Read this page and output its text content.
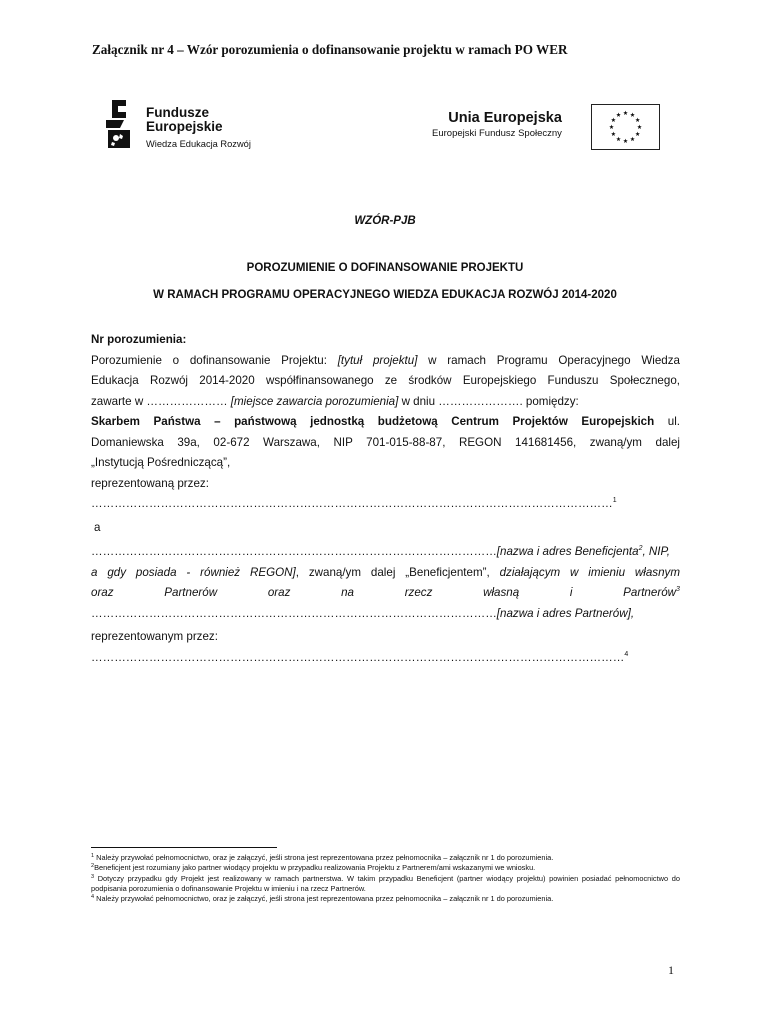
Załącznik nr 4 – Wzór porozumienia o dofinansowanie projektu w ramach PO WER
Fundusze
Europejskie
Wiedza Edukacja Rozwój
Unia Europejska
Europejski Fundusz Społeczny
WZÓR-PJB
POROZUMIENIE O DOFINANSOWANIE PROJEKTU
W RAMACH PROGRAMU OPERACYJNEGO WIEDZA EDUKACJA ROZWÓJ 2014-2020
Nr porozumienia:
Porozumienie o dofinansowanie Projektu: [tytuł projektu] w ramach Programu Operacyjnego Wiedza
Edukacja Rozwój 2014-2020 współfinansowanego ze środków Europejskiego Funduszu Społecznego,
zawarte w ………………… [miejsce zawarcia porozumienia] w dniu …………………. pomiędzy:
Skarbem Państwa – państwową jednostką budżetową Centrum Projektów Europejskich ul.
Domaniewska 39a, 02-672 Warszawa, NIP 701-015-88-87, REGON 141681456, zwaną/ym dalej
„Instytucją Pośredniczącą”,
reprezentowaną przez:
………………………………………………………………………………………………………………………$^1$
a
……………………………………………………………………………………………[nazwa i adres Beneficjenta$^2$, NIP,
a gdy posiada - również REGON], zwaną/ym dalej „Beneficjentem”, działającym w imieniu własnym
oraz	Partnerów	oraz	na	rzecz	własną	i	Partnerów$^3$
……………………………………………………………………………………………[nazwa i adres Partnerów],
reprezentowanym przez:
…………………………………………………………………………………………………………………………$^4$
$^1$ Należy przywołać pełnomocnictwo, oraz je załączyć, jeśli strona jest reprezentowana przez pełnomocnika – załącznik nr 1 do porozumienia.
$^2$Beneficjent jest rozumiany jako partner wiodący projektu w przypadku realizowania Projektu z Partnerem/ami wskazanymi we wniosku.
$^3$ Dotyczy przypadku gdy Projekt jest realizowany w ramach partnerstwa. W takim przypadku Beneficjent (partner wiodący projektu) powinien posiadać pełnomocnictwo do podpisania porozumienia o dofinansowanie Projektu w imieniu i na rzecz Partnerów.
$^4$ Należy przywołać pełnomocnictwo, oraz je załączyć, jeśli strona jest reprezentowana przez pełnomocnika – załącznik nr 1 do porozumienia.
1
